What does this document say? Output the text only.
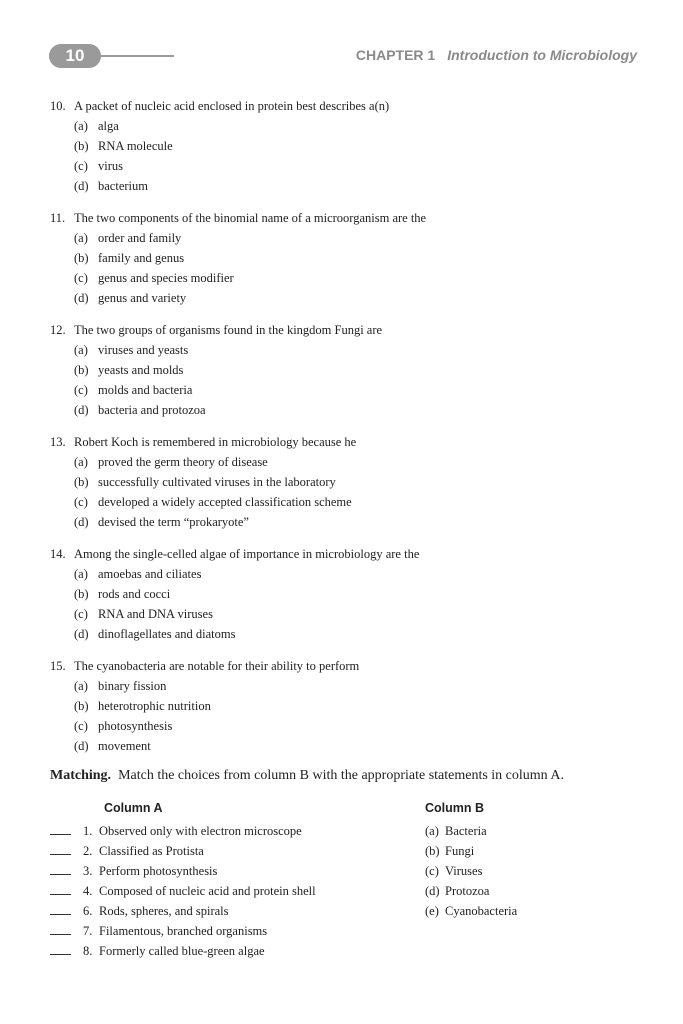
10	CHAPTER 1 Introduction to Microbiology
10. A packet of nucleic acid enclosed in protein best describes a(n)
(a) alga
(b) RNA molecule
(c) virus
(d) bacterium
11. The two components of the binomial name of a microorganism are the
(a) order and family
(b) family and genus
(c) genus and species modifier
(d) genus and variety
12. The two groups of organisms found in the kingdom Fungi are
(a) viruses and yeasts
(b) yeasts and molds
(c) molds and bacteria
(d) bacteria and protozoa
13. Robert Koch is remembered in microbiology because he
(a) proved the germ theory of disease
(b) successfully cultivated viruses in the laboratory
(c) developed a widely accepted classification scheme
(d) devised the term “prokaryote”
14. Among the single-celled algae of importance in microbiology are the
(a) amoebas and ciliates
(b) rods and cocci
(c) RNA and DNA viruses
(d) dinoflagellates and diatoms
15. The cyanobacteria are notable for their ability to perform
(a) binary fission
(b) heterotrophic nutrition
(c) photosynthesis
(d) movement
Matching. Match the choices from column B with the appropriate statements in column A.
Column A	Column B
1. Observed only with electron microscope
2. Classified as Protista
3. Perform photosynthesis
4. Composed of nucleic acid and protein shell
6. Rods, spheres, and spirals
7. Filamentous, branched organisms
8. Formerly called blue-green algae
(a) Bacteria
(b) Fungi
(c) Viruses
(d) Protozoa
(e) Cyanobacteria
